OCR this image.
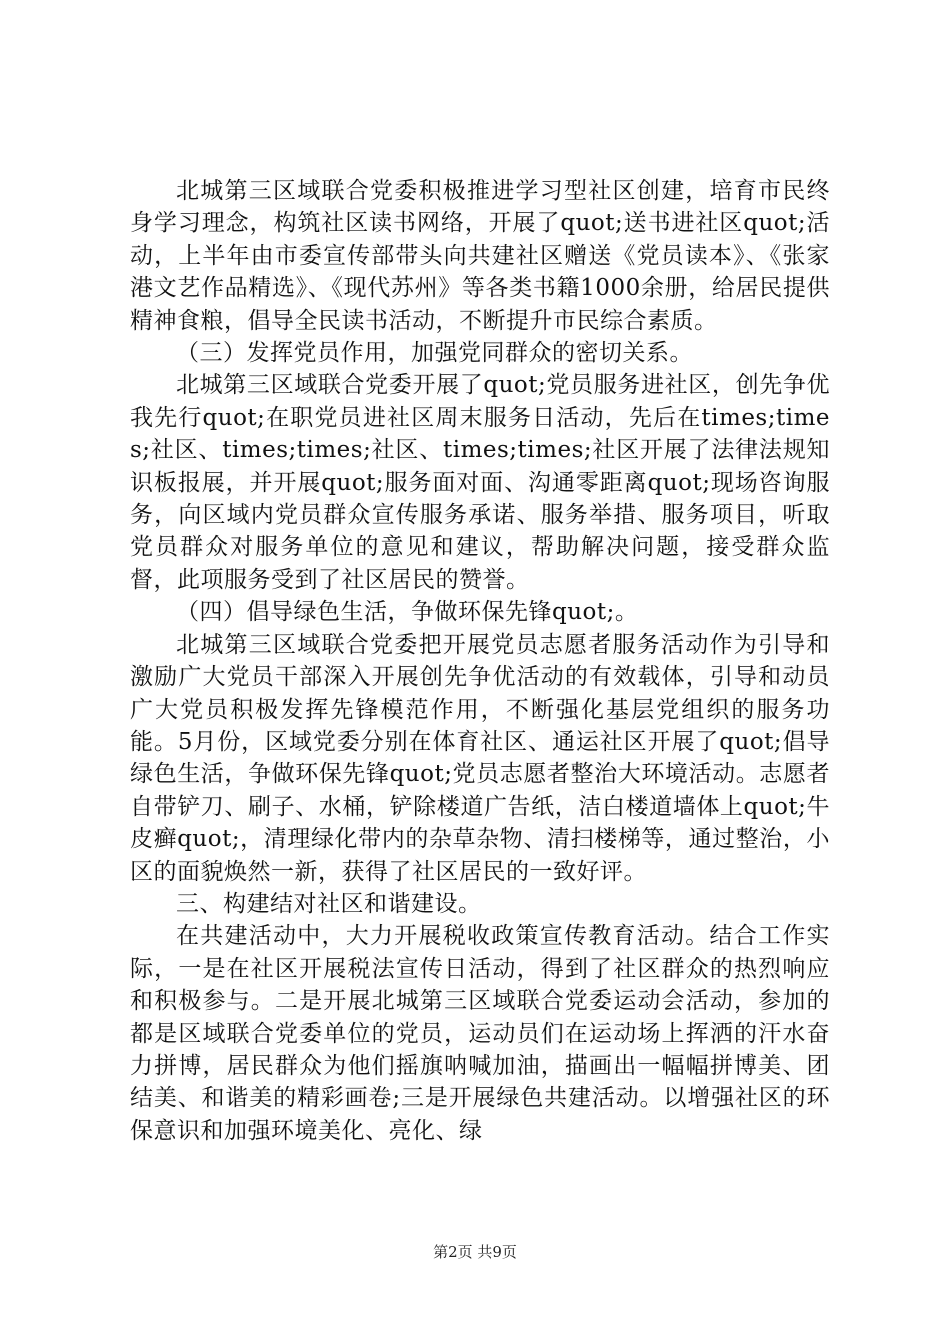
北城第三区域联合党委积极推进学习型社区创建，培育市民终身学习理念，构筑社区读书网络，开展了quot;送书进社区quot;活动，上半年由市委宣传部带头向共建社区赠送《党员读本》、《张家港文艺作品精选》、《现代苏州》等各类书籍1000余册，给居民提供精神食粮，倡导全民读书活动，不断提升市民综合素质。

（三）发挥党员作用，加强党同群众的密切关系。

北城第三区域联合党委开展了quot;党员服务进社区，创先争优我先行quot;在职党员进社区周末服务日活动，先后在times;times;社区、times;times;社区、times;times;社区开展了法律法规知识板报展，并开展quot;服务面对面、沟通零距离quot;现场咨询服务，向区域内党员群众宣传服务承诺、服务举措、服务项目，听取党员群众对服务单位的意见和建议，帮助解决问题，接受群众监督，此项服务受到了社区居民的赞誉。

（四）倡导绿色生活，争做环保先锋quot;。

北城第三区域联合党委把开展党员志愿者服务活动作为引导和激励广大党员干部深入开展创先争优活动的有效载体，引导和动员广大党员积极发挥先锋模范作用，不断强化基层党组织的服务功能。5月份，区域党委分别在体育社区、通运社区开展了quot;倡导绿色生活，争做环保先锋quot;党员志愿者整治大环境活动。志愿者自带铲刀、刷子、水桶，铲除楼道广告纸，洁白楼道墙体上quot;牛皮癣quot;，清理绿化带内的杂草杂物、清扫楼梯等，通过整治，小区的面貌焕然一新，获得了社区居民的一致好评。

三、构建结对社区和谐建设。

在共建活动中，大力开展税收政策宣传教育活动。结合工作实际，一是在社区开展税法宣传日活动，得到了社区群众的热烈响应和积极参与。二是开展北城第三区域联合党委运动会活动，参加的都是区域联合党委单位的党员，运动员们在运动场上挥洒的汗水奋力拼博，居民群众为他们摇旗呐喊加油，描画出一幅幅拼博美、团结美、和谐美的精彩画卷;三是开展绿色共建活动。以增强社区的环保意识和加强环境美化、亮化、绿

第2页 共9页
